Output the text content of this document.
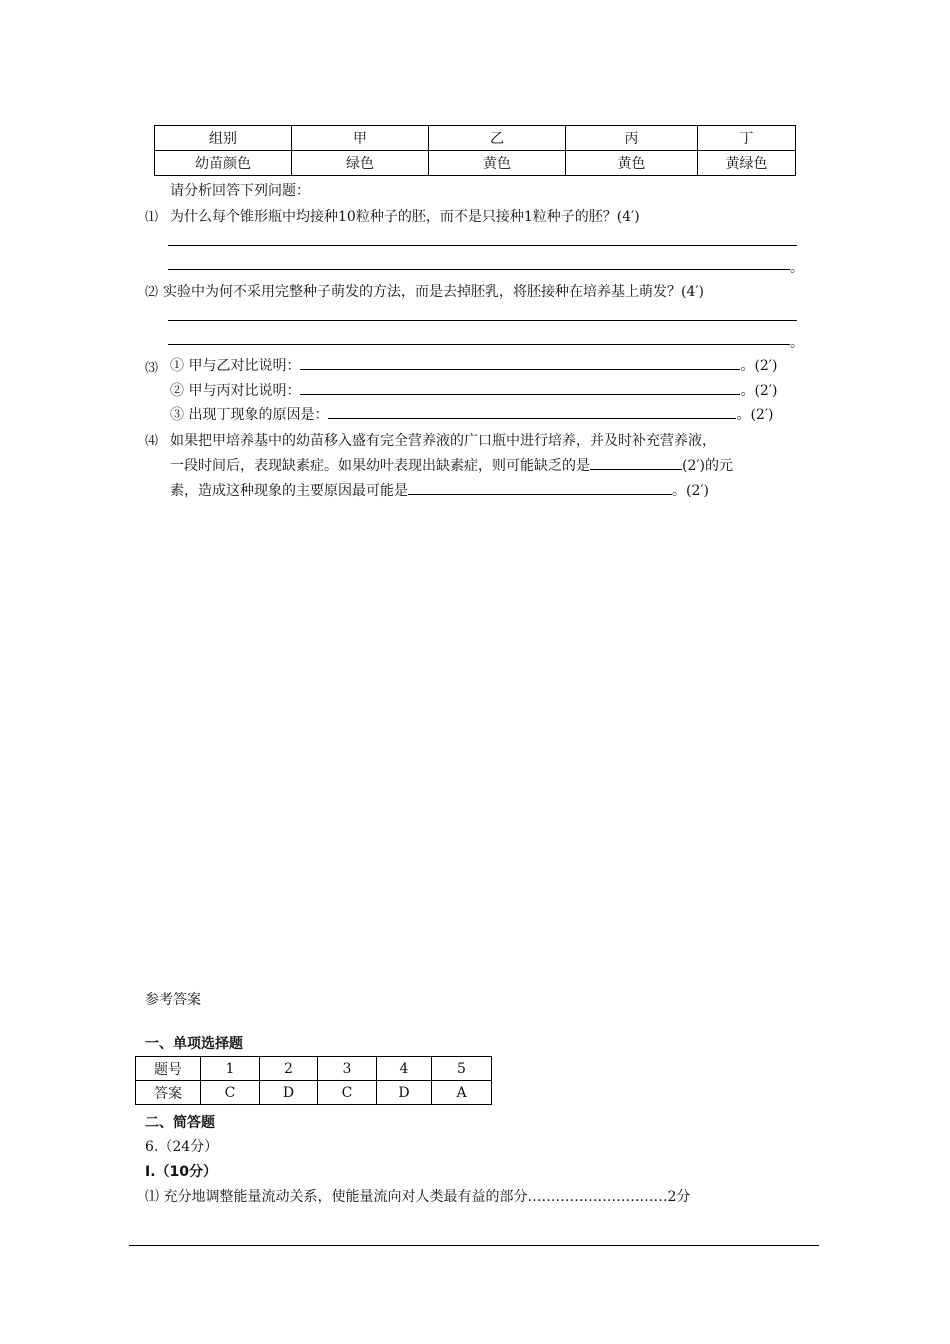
组别	甲	乙	丙	丁
幼苗颜色	绿色	黄色	黄色	黄绿色
请分析回答下列问题：
⑴ 为什么每个锥形瓶中均接种10粒种子的胚，而不是只接种1粒种子的胚？(4′)
。
⑵ 实验中为何不采用完整种子萌发的方法，而是去掉胚乳，将胚接种在培养基上萌发？(4′)
。
⑶ ① 甲与乙对比说明：	。(2′)
② 甲与丙对比说明：	。(2′)
③ 出现丁现象的原因是：	。(2′)
⑷ 如果把甲培养基中的幼苗移入盛有完全营养液的广口瓶中进行培养，并及时补充营养液，
一段时间后，表现缺素症。如果幼叶表现出缺素症，则可能缺乏的是	(2′)的元
素，造成这种现象的主要原因最可能是	。(2′)
参考答案
一、单项选择题
题号	1	2	3	4	5
答案	C	D	C	D	A
二、简答题
6.（24分）
Ⅰ.（10分）
⑴ 充分地调整能量流动关系，使能量流向对人类最有益的部分…………………………2分
